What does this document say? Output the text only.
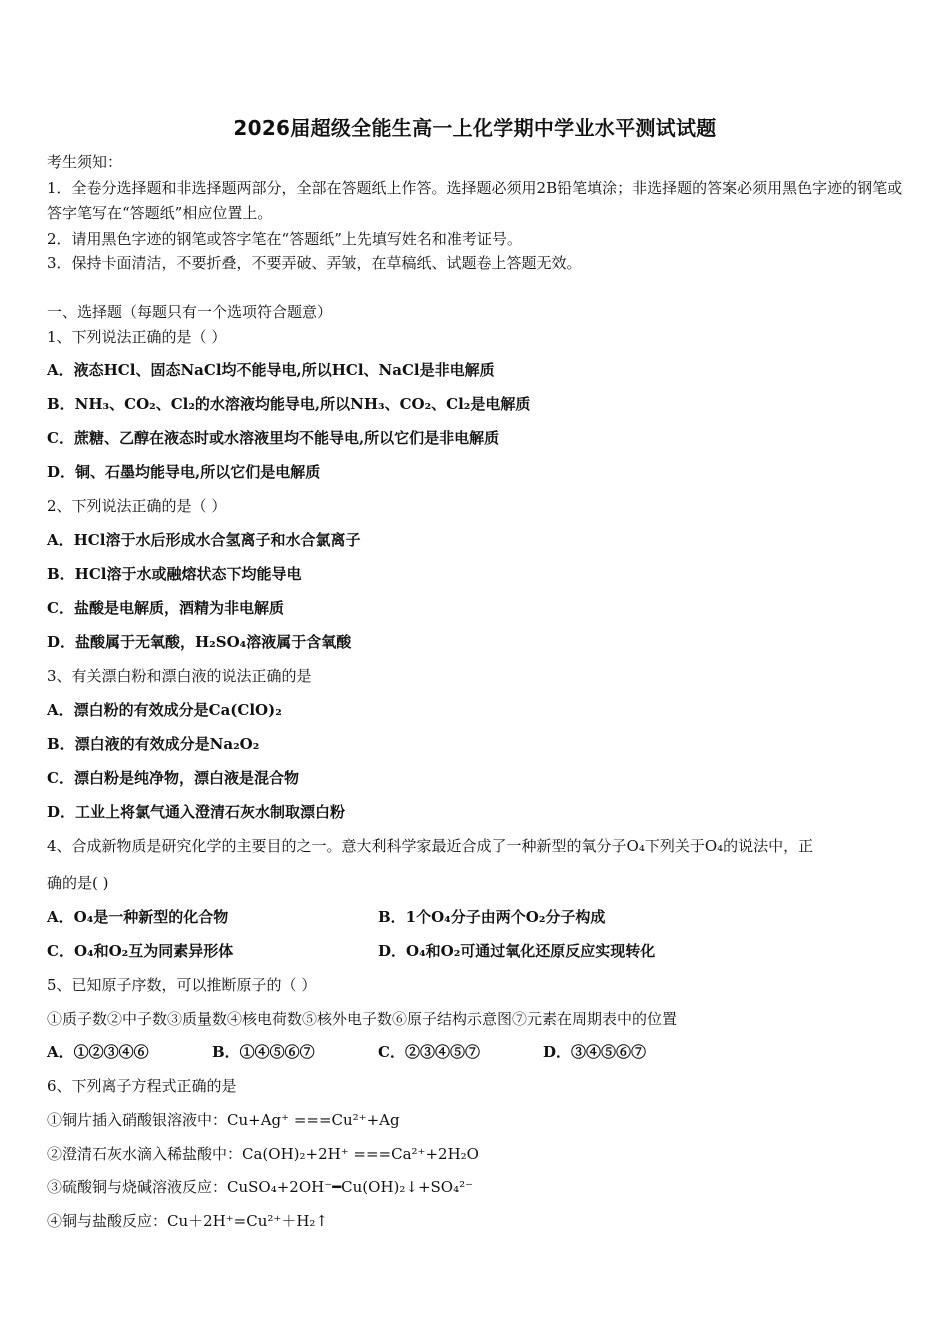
2026届超级全能生高一上化学期中学业水平测试试题
考生须知：
1．全卷分选择题和非选择题两部分，全部在答题纸上作答。选择题必须用2B铅笔填涂；非选择题的答案必须用黑色字迹的钢笔或答字笔写在“答题纸”相应位置上。
2．请用黑色字迹的钢笔或答字笔在“答题纸”上先填写姓名和准考证号。
3．保持卡面清洁，不要折叠，不要弄破、弄皱，在草稿纸、试题卷上答题无效。
一、选择题（每题只有一个选项符合题意）
1、下列说法正确的是（ ）
A．液态HCl、固态NaCl均不能导电,所以HCl、NaCl是非电解质
B．NH₃、CO₂、Cl₂的水溶液均能导电,所以NH₃、CO₂、Cl₂是电解质
C．蔗糖、乙醇在液态时或水溶液里均不能导电,所以它们是非电解质
D．铜、石墨均能导电,所以它们是电解质
2、下列说法正确的是（ ）
A．HCl溶于水后形成水合氢离子和水合氯离子
B．HCl溶于水或融熔状态下均能导电
C．盐酸是电解质，酒精为非电解质
D．盐酸属于无氧酸，H₂SO₄溶液属于含氧酸
3、有关漂白粉和漂白液的说法正确的是
A．漂白粉的有效成分是Ca(ClO)₂
B．漂白液的有效成分是Na₂O₂
C．漂白粉是纯净物，漂白液是混合物
D．工业上将氯气通入澄清石灰水制取漂白粉
4、合成新物质是研究化学的主要目的之一。意大利科学家最近合成了一种新型的氧分子O₄下列关于O₄的说法中，正
确的是( )
A．O₄是一种新型的化合物	B．1个O₄分子由两个O₂分子构成
C．O₄和O₂互为同素异形体	D．O₄和O₂可通过氧化还原反应实现转化
5、已知原子序数，可以推断原子的（ ）
①质子数②中子数③质量数④核电荷数⑤核外电子数⑥原子结构示意图⑦元素在周期表中的位置
A．①②③④⑥	B．①④⑤⑥⑦	C．②③④⑤⑦	D．③④⑤⑥⑦
6、下列离子方程式正确的是
①铜片插入硝酸银溶液中：Cu+Ag⁺ ===Cu²⁺+Ag
②澄清石灰水滴入稀盐酸中：Ca(OH)₂+2H⁺ ===Ca²⁺+2H₂O
③硫酸铜与烧碱溶液反应：CuSO₄+2OH⁻━Cu(OH)₂↓+SO₄²⁻
④铜与盐酸反应：Cu＋2H⁺=Cu²⁺＋H₂↑
